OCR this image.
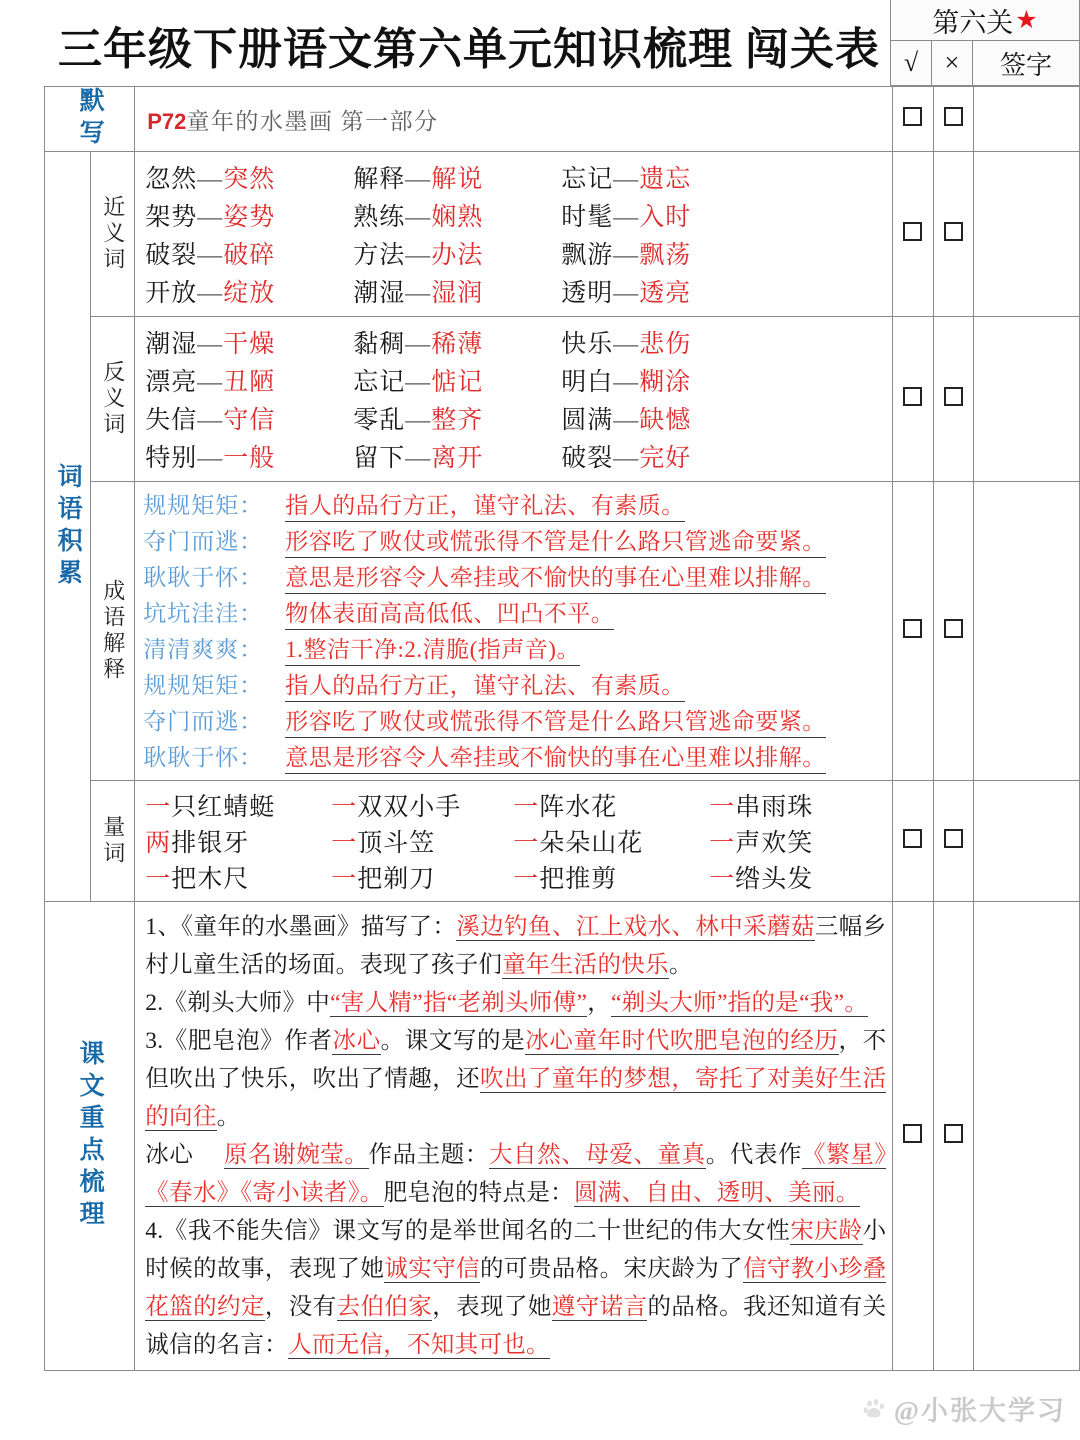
三年级下册语文第六单元知识梳理 闯关表
第六关 ★
√	×	签字
默写		P72童年的水墨画 第一部分			

词语积累

近义词

忽然—突然	解释—解说	忘记—遗忘
架势—姿势	熟练—娴熟	时髦—入时
破裂—破碎	方法—办法	飘游—飘荡
开放—绽放	潮湿—湿润	透明—透亮

反义词

潮湿—干燥	黏稠—稀薄	快乐—悲伤
漂亮—丑陋	忘记—惦记	明白—糊涂
失信—守信	零乱—整齐	圆满—缺憾
特别—一般	留下—离开	破裂—完好

成语解释

规规矩矩： 指人的品行方正，谨守礼法、有素质。
夺门而逃： 形容吃了败仗或慌张得不管是什么路只管逃命要紧。
耿耿于怀： 意思是形容令人牵挂或不愉快的事在心里难以排解。
坑坑洼洼： 物体表面高高低低、凹凸不平。
清清爽爽： 1.整洁干净:2.清脆(指声音)。
规规矩矩： 指人的品行方正，谨守礼法、有素质。
夺门而逃： 形容吃了败仗或慌张得不管是什么路只管逃命要紧。
耿耿于怀： 意思是形容令人牵挂或不愉快的事在心里难以排解。

量词

一只红蜻蜓	一双双小手	一阵水花	一串雨珠
两排银牙	一顶斗笠	一朵朵山花	一声欢笑
一把木尺	一把剃刀	一把推剪	一绺头发

课文重点梳理		1、《童年的水墨画》描写了：溪边钓鱼、江上戏水、林中采蘑菇三幅乡村儿童生活的场面。表现了孩子们童年生活的快乐。

2.《剃头大师》中“害人精”指“老剃头师傅”，“剃头大师”指的是“我”。

3.《肥皂泡》作者冰心。课文写的是冰心童年时代吹肥皂泡的经历，不但吹出了快乐，吹出了情趣，还吹出了童年的梦想，寄托了对美好生活的向往。

冰心　 原名谢婉莹。作品主题：大自然、母爱、童真。代表作《繁星》《春水》《寄小读者》。肥皂泡的特点是：圆满、自由、透明、美丽。

4.《我不能失信》课文写的是举世闻名的二十世纪的伟大女性宋庆龄小时候的故事，表现了她诚实守信的可贵品格。宋庆龄为了信守教小珍叠花篮的约定，没有去伯伯家，表现了她遵守诺言的品格。我还知道有关诚信的名言：人而无信，不知其可也。			

@小张大学习
